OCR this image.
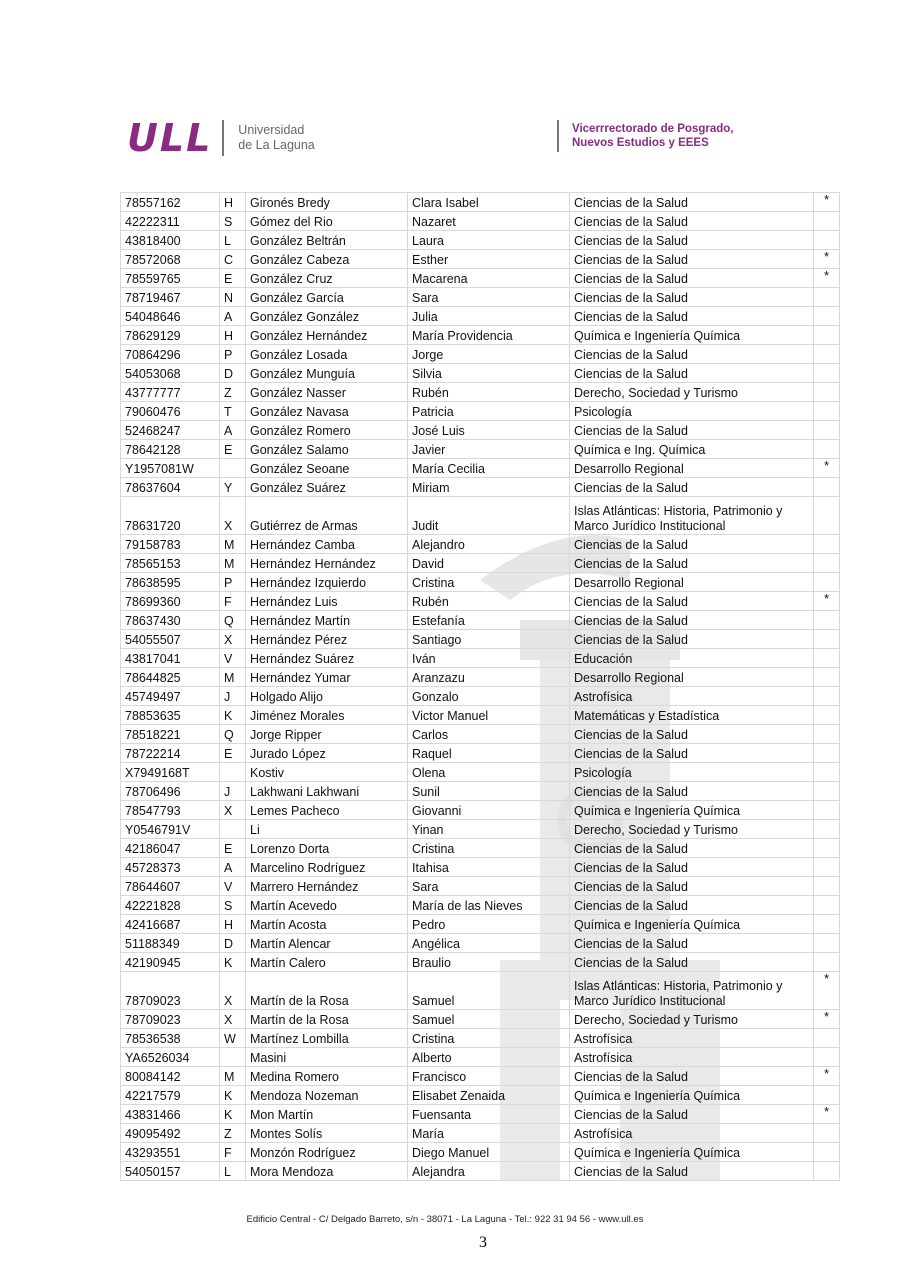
ULL Universidad
de La Laguna
Vicerrrectorado de Posgrado,
Nuevos Estudios y EEES
78557162	H	Gironés Bredy	Clara Isabel	Ciencias de la Salud	*
42222311	S	Gómez del Rio	Nazaret	Ciencias de la Salud	
43818400	L	González Beltrán	Laura	Ciencias de la Salud	
78572068	C	González Cabeza	Esther	Ciencias de la Salud	*
78559765	E	González Cruz	Macarena	Ciencias de la Salud	*
78719467	N	González García	Sara	Ciencias de la Salud	
54048646	A	González González	Julia	Ciencias de la Salud	
78629129	H	González Hernández	María Providencia	Química e Ingeniería Química	
70864296	P	González Losada	Jorge	Ciencias de la Salud	
54053068	D	González Munguía	Silvia	Ciencias de la Salud	
43777777	Z	González Nasser	Rubén	Derecho, Sociedad y Turismo	
79060476	T	González Navasa	Patricia	Psicología	
52468247	A	González Romero	José Luis	Ciencias de la Salud	
78642128	E	González Salamo	Javier	Química e Ing. Química	
Y1957081W		González Seoane	María Cecilia	Desarrollo Regional	*
78637604	Y	González Suárez	Miriam	Ciencias de la Salud	
78631720	X	Gutiérrez de Armas	Judit	Islas Atlánticas: Historia, Patrimonio y Marco Jurídico Institucional	
79158783	M	Hernández Camba	Alejandro	Ciencias de la Salud	
78565153	M	Hernández Hernández	David	Ciencias de la Salud	
78638595	P	Hernández Izquierdo	Cristina	Desarrollo Regional	
78699360	F	Hernández Luis	Rubén	Ciencias de la Salud	*
78637430	Q	Hernández Martín	Estefanía	Ciencias de la Salud	
54055507	X	Hernández Pérez	Santiago	Ciencias de la Salud	
43817041	V	Hernández Suárez	Iván	Educación	
78644825	M	Hernández Yumar	Aranzazu	Desarrollo Regional	
45749497	J	Holgado Alijo	Gonzalo	Astrofísica	
78853635	K	Jiménez Morales	Victor Manuel	Matemáticas y Estadística	
78518221	Q	Jorge Ripper	Carlos	Ciencias de la Salud	
78722214	E	Jurado López	Raquel	Ciencias de la Salud	
X7949168T		Kostiv	Olena	Psicología	
78706496	J	Lakhwani Lakhwani	Sunil	Ciencias de la Salud	
78547793	X	Lemes Pacheco	Giovanni	Química e Ingeniería Química	
Y0546791V		Li	Yinan	Derecho, Sociedad y Turismo	
42186047	E	Lorenzo Dorta	Cristina	Ciencias de la Salud	
45728373	A	Marcelino Rodríguez	Itahisa	Ciencias de la Salud	
78644607	V	Marrero Hernández	Sara	Ciencias de la Salud	
42221828	S	Martín Acevedo	María de las Nieves	Ciencias de la Salud	
42416687	H	Martín Acosta	Pedro	Química e Ingeniería Química	
51188349	D	Martín Alencar	Angélica	Ciencias de la Salud	
42190945	K	Martín Calero	Braulio	Ciencias de la Salud	
78709023	X	Martín de la Rosa	Samuel	Islas Atlánticas: Historia, Patrimonio y Marco Jurídico Institucional	*
78709023	X	Martín de la Rosa	Samuel	Derecho, Sociedad y Turismo	*
78536538	W	Martínez Lombilla	Cristina	Astrofísica	
YA6526034		Masini	Alberto	Astrofísica	
80084142	M	Medina Romero	Francisco	Ciencias de la Salud	*
42217579	K	Mendoza Nozeman	Elisabet Zenaida	Química e Ingeniería Química	
43831466	K	Mon Martín	Fuensanta	Ciencias de la Salud	*
49095492	Z	Montes Solís	María	Astrofísica	
43293551	F	Monzón Rodríguez	Diego Manuel	Química e Ingeniería Química	
54050157	L	Mora Mendoza	Alejandra	Ciencias de la Salud	
Edificio Central - C/ Delgado Barreto, s/n - 38071 - La Laguna - Tel.: 922 31 94 56 - www.ull.es
3
